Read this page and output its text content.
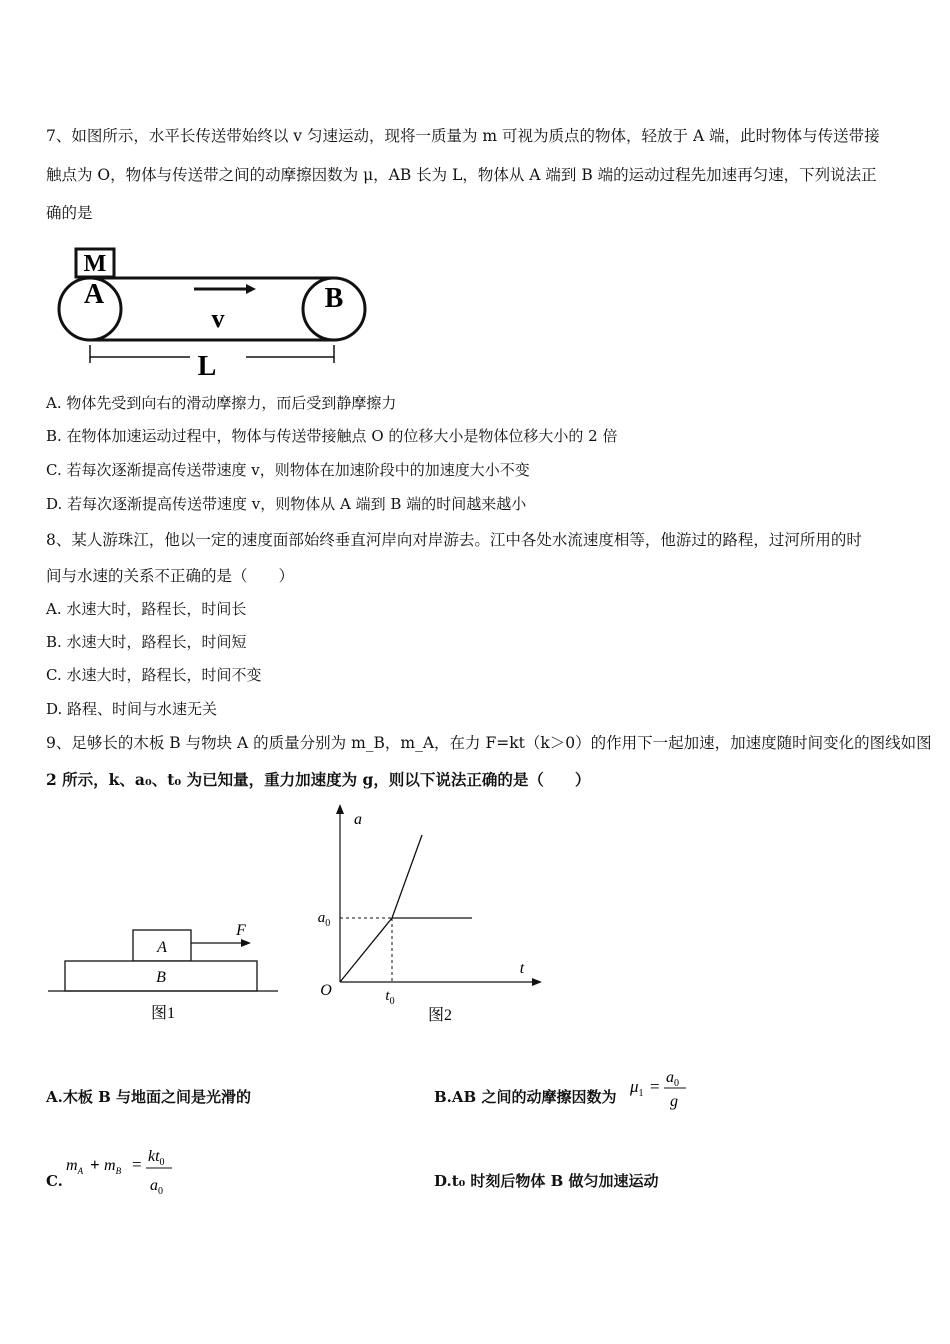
7、如图所示，水平长传送带始终以 v 匀速运动，现将一质量为 m 可视为质点的物体，轻放于 A 端，此时物体与传送带接
触点为 O，物体与传送带之间的动摩擦因数为 μ，AB 长为 L，物体从 A 端到 B 端的运动过程先加速再匀速，下列说法正
确的是
M
A	B
v
L
A. 物体先受到向右的滑动摩擦力，而后受到静摩擦力
B. 在物体加速运动过程中，物体与传送带接触点 O 的位移大小是物体位移大小的 2 倍
C. 若每次逐渐提高传送带速度 v，则物体在加速阶段中的加速度大小不变
D. 若每次逐渐提高传送带速度 v，则物体从 A 端到 B 端的时间越来越小
8、某人游珠江，他以一定的速度面部始终垂直河岸向对岸游去。江中各处水流速度相等，他游过的路程，过河所用的时
间与水速的关系不正确的是（　　）
A. 水速大时，路程长，时间长
B. 水速大时，路程长，时间短
C. 水速大时，路程长，时间不变
D. 路程、时间与水速无关
9、足够长的木板 B 与物块 A 的质量分别为 m_B，m_A，在力 F=kt（k＞0）的作用下一起加速，加速度随时间变化的图线如图
2 所示，k、a₀、t₀ 为已知量，重力加速度为 g，则以下说法正确的是（　　）
A
B
F
图1
a
t
O
$a_0$
$t_0$
图2
A.木板 B 与地面之间是光滑的	B.AB 之间的动摩擦因数为
$\mu_1 = a_0$
g
C.
$m_A + m_B = kt_0$
$a_0$
D.t₀ 时刻后物体 B 做匀加速运动
